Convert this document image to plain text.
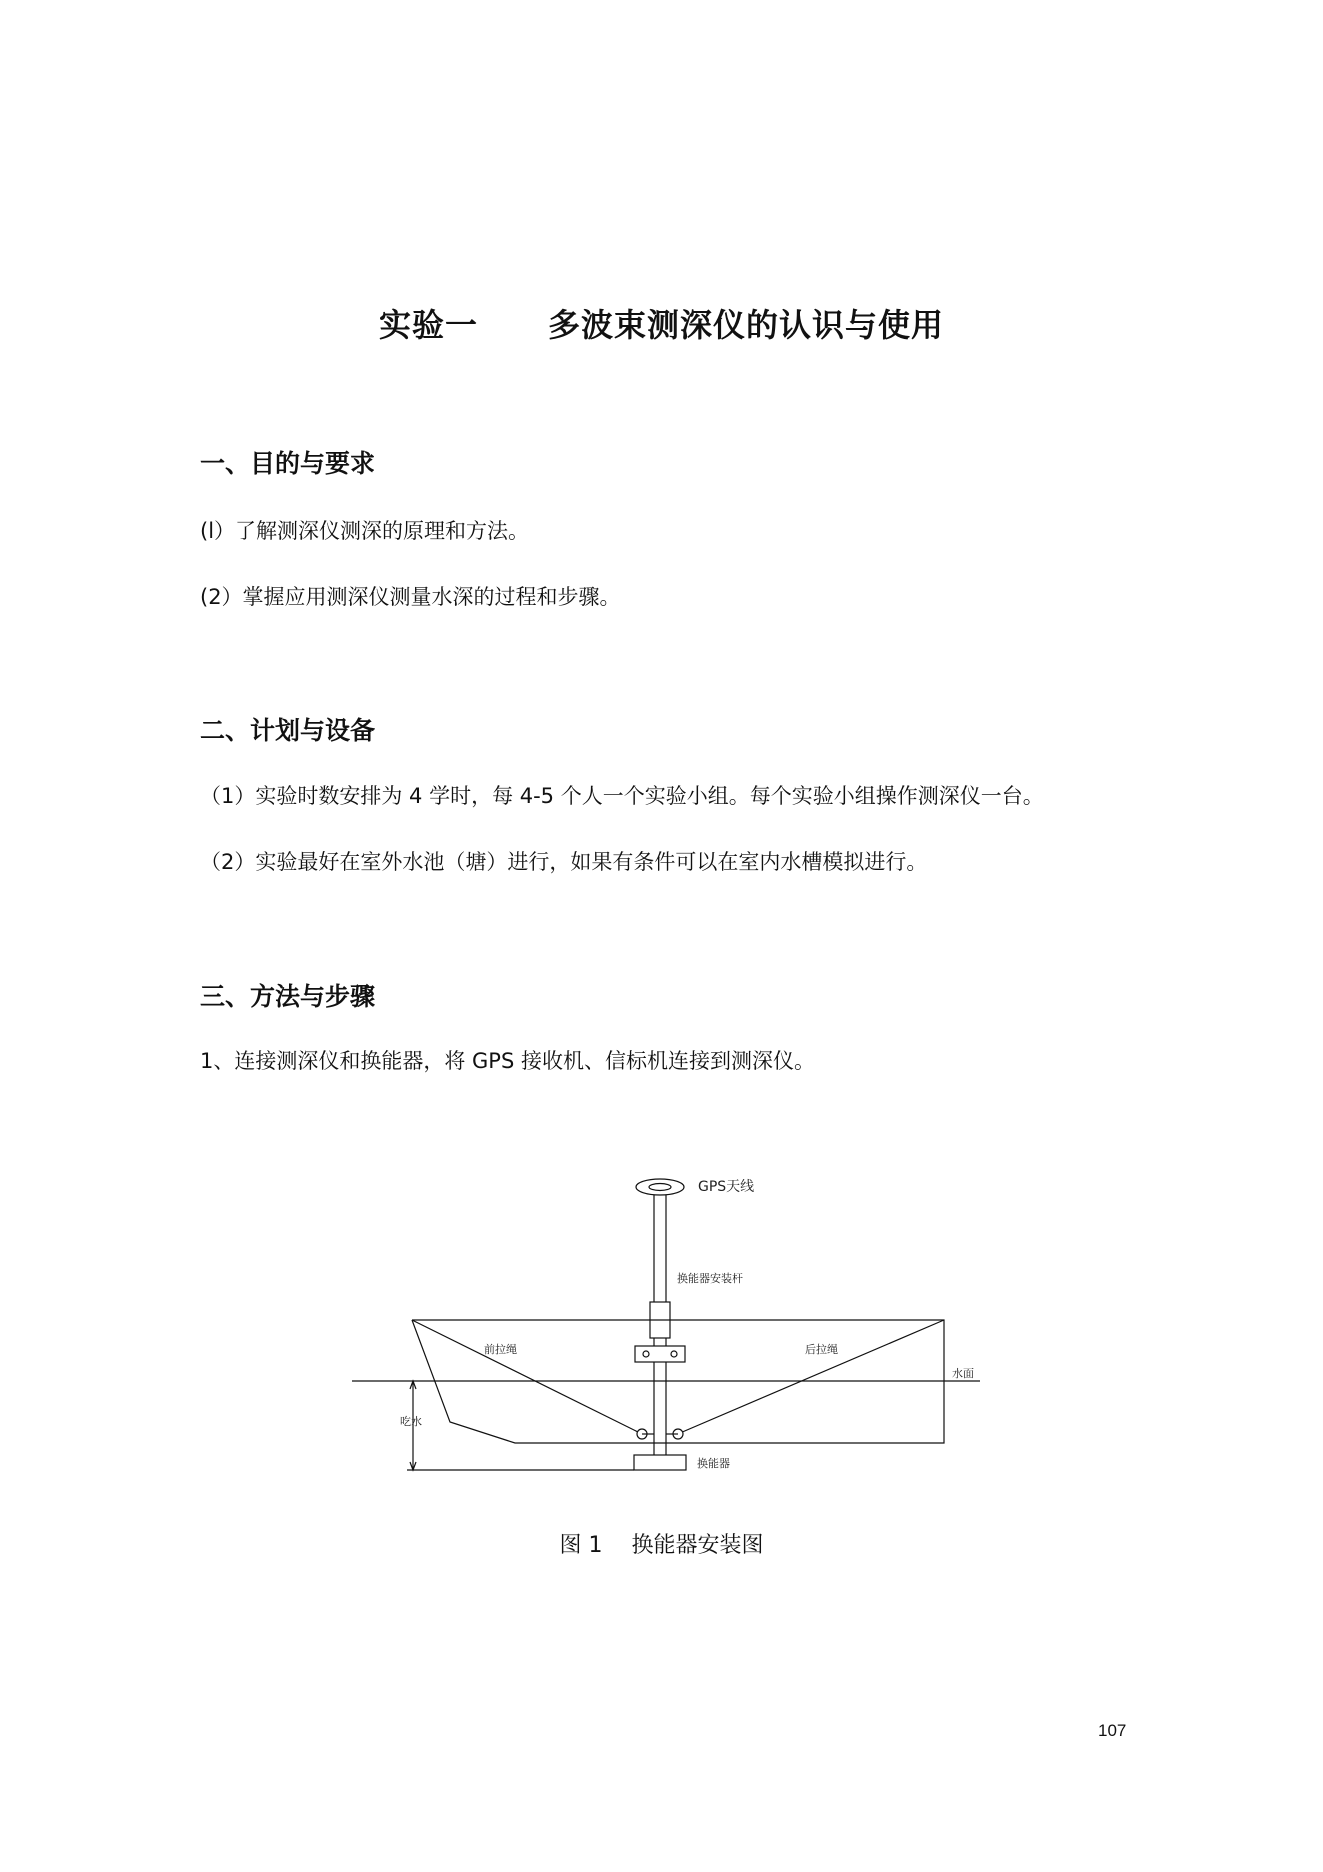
实验一 多波束测深仪的认识与使用
一、目的与要求
(l）了解测深仪测深的原理和方法。
(2）掌握应用测深仪测量水深的过程和步骤。
二、计划与设备
（1）实验时数安排为 4 学时，每 4-5 个人一个实验小组。每个实验小组操作测深仪一台。
（2）实验最好在室外水池（塘）进行，如果有条件可以在室内水槽模拟进行。
三、方法与步骤
1、连接测深仪和换能器，将 GPS 接收机、信标机连接到测深仪。
GPS天线
换能器安装杆
前拉绳	后拉绳
水面
吃水
换能器
图 1　 换能器安装图
107
